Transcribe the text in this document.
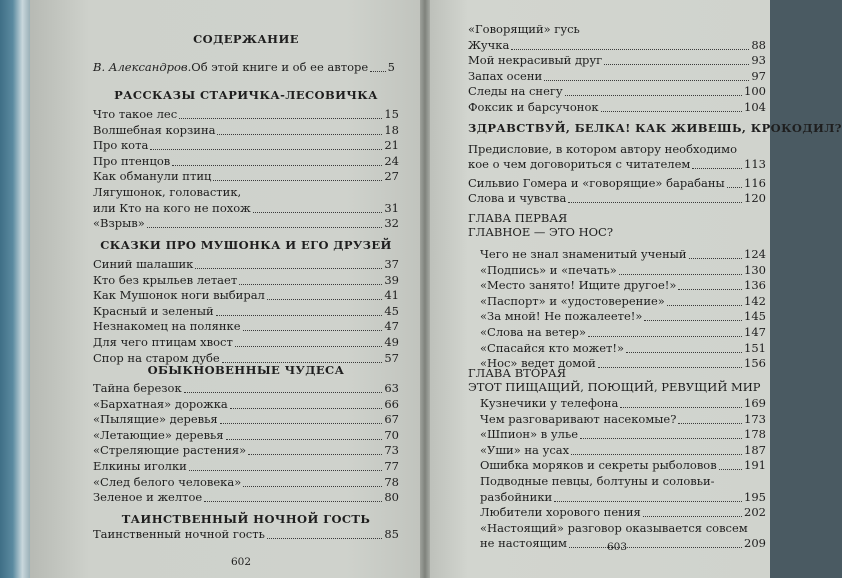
СОДЕРЖАНИЕ
В. Александров. Об этой книге и об ее авторе 5
РАССКАЗЫ СТАРИЧКА-ЛЕСОВИЧКА
Что такое лес	15
Волшебная корзина	18
Про кота	21
Про птенцов	24
Как обманули птиц	27
Лягушонок, головастик,
или Кто на кого не похож	31
«Взрыв»	32
СКАЗКИ ПРО МУШОНКА И ЕГО ДРУЗЕЙ
Синий шалашик	37
Кто без крыльев летает	39
Как Мушонок ноги выбирал	41
Красный и зеленый	45
Незнакомец на полянке	47
Для чего птицам хвост	49
Спор на старом дубе	57
ОБЫКНОВЕННЫЕ ЧУДЕСА
Тайна березок	63
«Бархатная» дорожка	66
«Пылящие» деревья	67
«Летающие» деревья	70
«Стреляющие растения»	73
Елкины иголки	77
«След белого человека»	78
Зеленое и желтое	80
ТАИНСТВЕННЫЙ НОЧНОЙ ГОСТЬ
Таинственный ночной гость	85
602
«Говорящий» гусь
Жучка	88
Мой некрасивый друг	93
Запах осени	97
Следы на снегу	100
Фоксик и барсучонок	104
ЗДРАВСТВУЙ, БЕЛКА! КАК ЖИВЕШЬ, КРОКОДИЛ?
Предисловие, в котором автору необходимо
кое о чем договориться с читателем	113
Сильвио Гомера и «говорящие» барабаны 116
Слова и чувства	120
ГЛАВА ПЕРВАЯ
ГЛАВНОЕ — ЭТО НОС?
Чего не знал знаменитый ученый	124
«Подпись» и «печать»	130
«Место занято! Ищите другое!»	136
«Паспорт» и «удостоверение»	142
«За мной! Не пожалеете!»	145
«Слова на ветер»	147
«Спасайся кто может!»	151
«Нос» ведет домой	156
ГЛАВА ВТОРАЯ
ЭТОТ ПИЩАЩИЙ, ПОЮЩИЙ, РЕВУЩИЙ МИР
Кузнечики у телефона	169
Чем разговаривают насекомые?	173
«Шпион» в улье	178
«Уши» на усах	187
Ошибка моряков и секреты рыболовов 191
Подводные певцы, болтуны и соловьи-
разбойники	195
Любители хорового пения	202
«Настоящий» разговор оказывается совсем
не настоящим	209
603
